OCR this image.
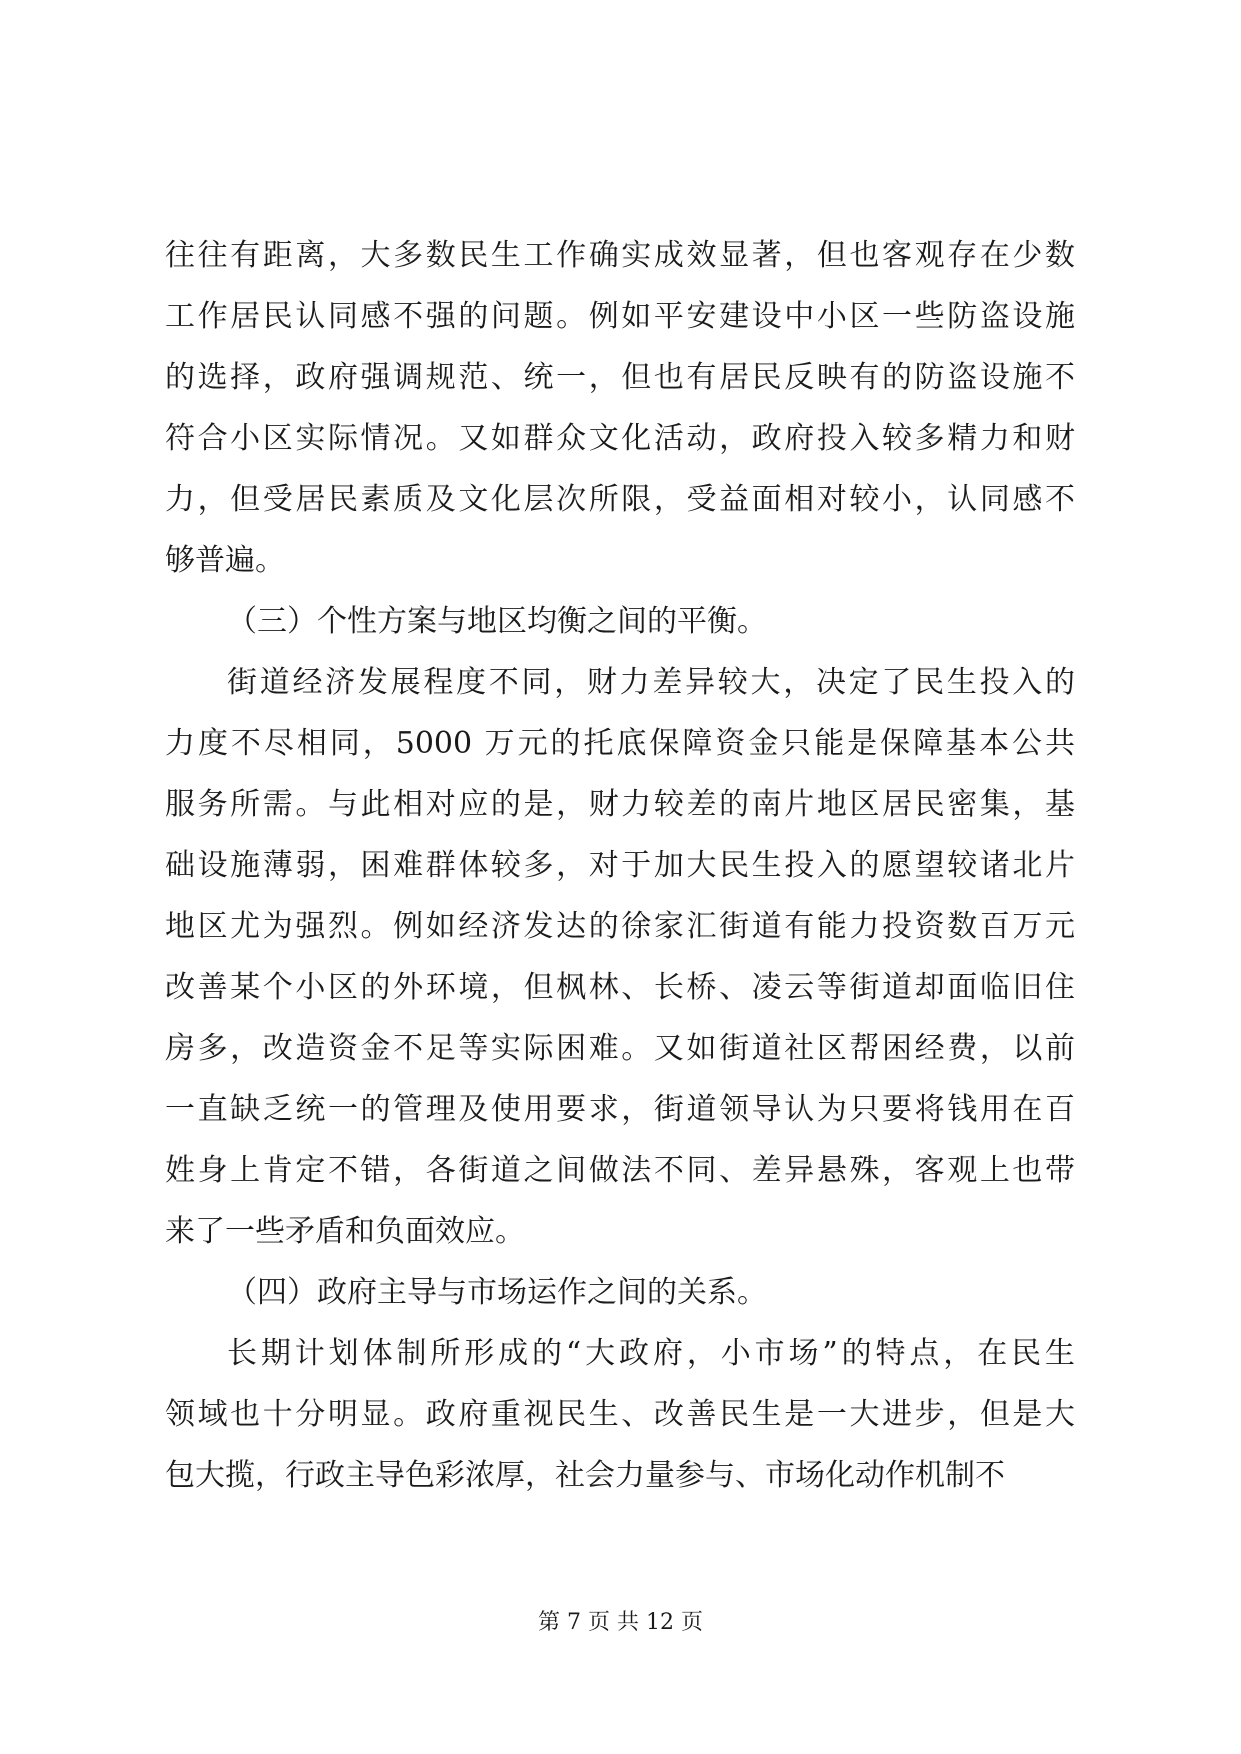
往往有距离，大多数民生工作确实成效显著，但也客观存在少数
工作居民认同感不强的问题。例如平安建设中小区一些防盗设施
的选择，政府强调规范、统一，但也有居民反映有的防盗设施不
符合小区实际情况。又如群众文化活动，政府投入较多精力和财
力，但受居民素质及文化层次所限，受益面相对较小，认同感不
够普遍。
（三）个性方案与地区均衡之间的平衡。
街道经济发展程度不同，财力差异较大，决定了民生投入的
力度不尽相同，5000 万元的托底保障资金只能是保障基本公共
服务所需。与此相对应的是，财力较差的南片地区居民密集，基
础设施薄弱，困难群体较多，对于加大民生投入的愿望较诸北片
地区尤为强烈。例如经济发达的徐家汇街道有能力投资数百万元
改善某个小区的外环境，但枫林、长桥、凌云等街道却面临旧住
房多，改造资金不足等实际困难。又如街道社区帮困经费，以前
一直缺乏统一的管理及使用要求，街道领导认为只要将钱用在百
姓身上肯定不错，各街道之间做法不同、差异悬殊，客观上也带
来了一些矛盾和负面效应。
（四）政府主导与市场运作之间的关系。
长期计划体制所形成的“大政府，小市场”的特点，在民生
领域也十分明显。政府重视民生、改善民生是一大进步，但是大
包大揽，行政主导色彩浓厚，社会力量参与、市场化动作机制不
第 7 页 共 12 页
